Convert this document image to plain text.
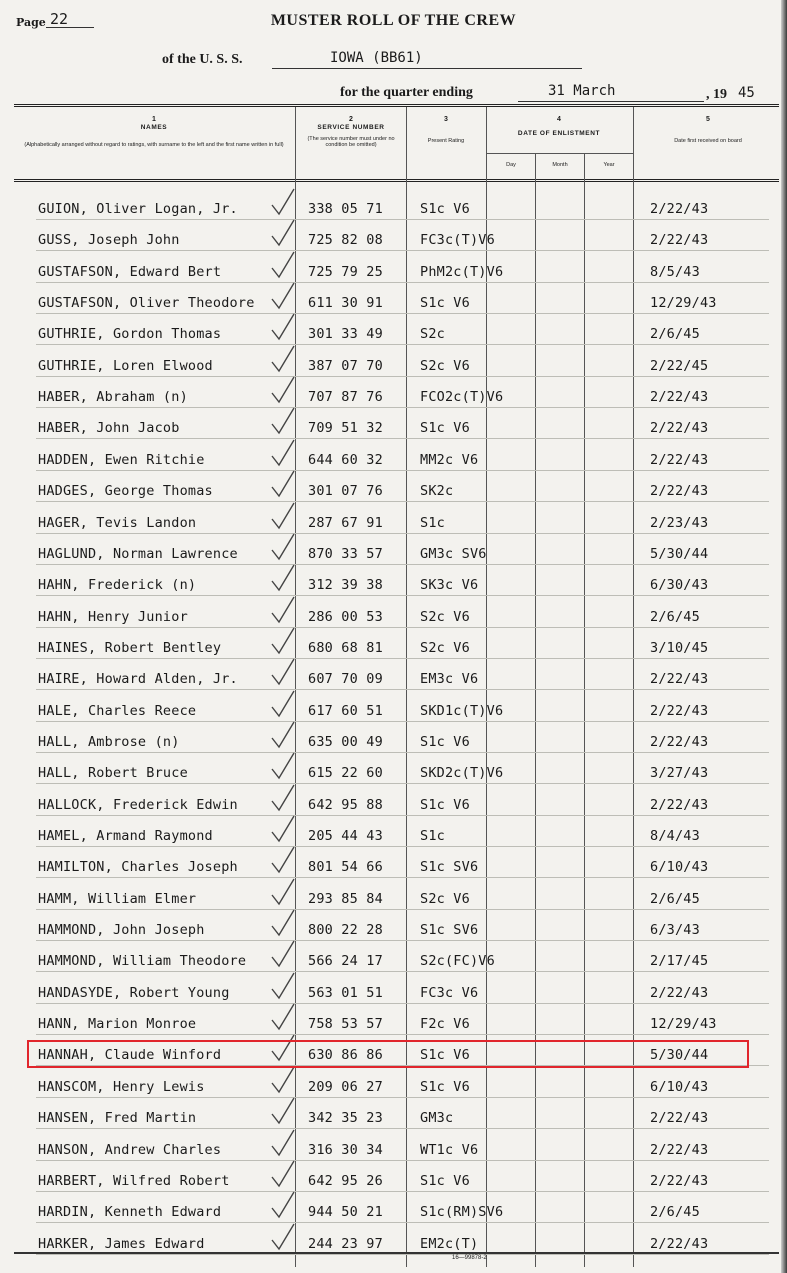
Page 22	MUSTER ROLL OF THE CREW
of the U. S. S.	IOWA (BB61)
for the quarter ending	31 March	, 19 45
1
NAMES
(Alphabetically arranged without regard to ratings, with surname to the left and the first name written in full)
2
SERVICE NUMBER
(The service number must under no condition be omitted)
3
Present Rating
4
DATE OF ENLISTMENT
Day	Month	Year
5
Date first received on board
GUION, Oliver Logan, Jr.	338 05 71	S1c V6	2/22/43
GUSS, Joseph John	725 82 08	FC3c(T)V6	2/22/43
GUSTAFSON, Edward Bert	725 79 25	PhM2c(T)V6	8/5/43
GUSTAFSON, Oliver Theodore	611 30 91	S1c V6	12/29/43
GUTHRIE, Gordon Thomas	301 33 49	S2c	2/6/45
GUTHRIE, Loren Elwood	387 07 70	S2c V6	2/22/45
HABER, Abraham (n)	707 87 76	FCO2c(T)V6	2/22/43
HABER, John Jacob	709 51 32	S1c V6	2/22/43
HADDEN, Ewen Ritchie	644 60 32	MM2c V6	2/22/43
HADGES, George Thomas	301 07 76	SK2c	2/22/43
HAGER, Tevis Landon	287 67 91	S1c	2/23/43
HAGLUND, Norman Lawrence	870 33 57	GM3c SV6	5/30/44
HAHN, Frederick (n)	312 39 38	SK3c V6	6/30/43
HAHN, Henry Junior	286 00 53	S2c V6	2/6/45
HAINES, Robert Bentley	680 68 81	S2c V6	3/10/45
HAIRE, Howard Alden, Jr.	607 70 09	EM3c V6	2/22/43
HALE, Charles Reece	617 60 51	SKD1c(T)V6	2/22/43
HALL, Ambrose (n)	635 00 49	S1c V6	2/22/43
HALL, Robert Bruce	615 22 60	SKD2c(T)V6	3/27/43
HALLOCK, Frederick Edwin	642 95 88	S1c V6	2/22/43
HAMEL, Armand Raymond	205 44 43	S1c	8/4/43
HAMILTON, Charles Joseph	801 54 66	S1c SV6	6/10/43
HAMM, William Elmer	293 85 84	S2c V6	2/6/45
HAMMOND, John Joseph	800 22 28	S1c SV6	6/3/43
HAMMOND, William Theodore	566 24 17	S2c(FC)V6	2/17/45
HANDASYDE, Robert Young	563 01 51	FC3c V6	2/22/43
HANN, Marion Monroe	758 53 57	F2c V6	12/29/43
HANNAH, Claude Winford	630 86 86	S1c V6	5/30/44
HANSCOM, Henry Lewis	209 06 27	S1c V6	6/10/43
HANSEN, Fred Martin	342 35 23	GM3c	2/22/43
HANSON, Andrew Charles	316 30 34	WT1c V6	2/22/43
HARBERT, Wilfred Robert	642 95 26	S1c V6	2/22/43
HARDIN, Kenneth Edward	944 50 21	S1c(RM)SV6	2/6/45
HARKER, James Edward	244 23 97	EM2c(T)	2/22/43
16—99878-2
